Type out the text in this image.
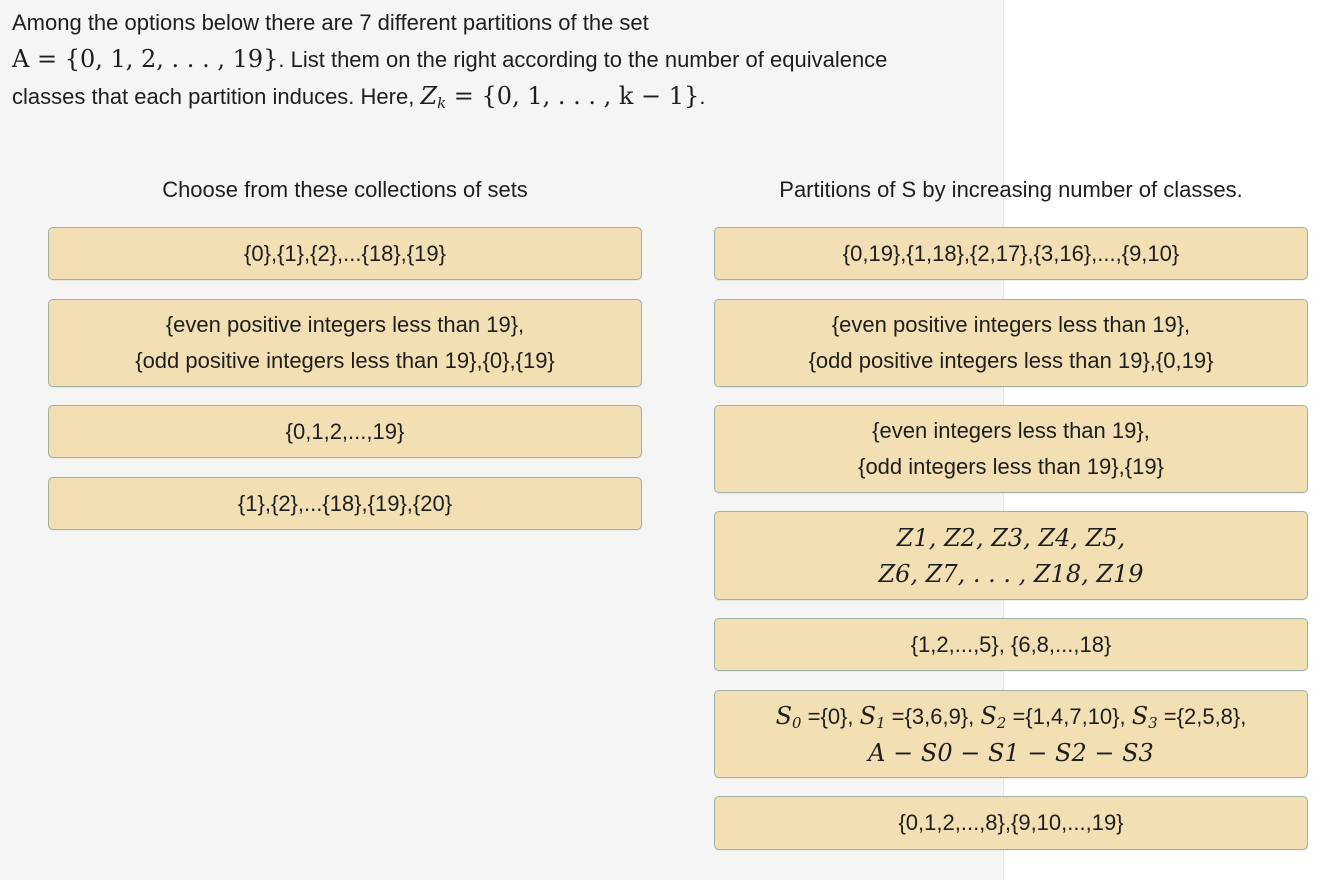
Among the options below there are 7 different partitions of the set
A = {0, 1, 2, . . . , 19}. List them on the right according to the number of equivalence
classes that each partition induces. Here, $Z_k = \{0$, 1, . . . , k − 1}.
Choose from these collections of sets	Partitions of S by increasing number of classes.
{0},{1},{2},...{18},{19}
{even positive integers less than 19},
{odd positive integers less than 19},{0},{19}
{0,1,2,...,19}
{1},{2},...{18},{19},{20}
{0,19},{1,18},{2,17},{3,16},...,{9,10}
{even positive integers less than 19},
{odd positive integers less than 19},{0,19}
{even integers less than 19},
{odd integers less than 19},{19}
Z1, Z2, Z3, Z4, Z5,
Z6, Z7, . . . , Z18, Z19
{1,2,...,5}, {6,8,...,18}
$S_0 =\{0\}$, $S_1 =\{3,6,9\}$, $S_2 =\{1,4,7,10\}$, $S_3 =\{2,5,8\}$,
A − S0 − S1 − S2 − S3
{0,1,2,...,8},{9,10,...,19}
